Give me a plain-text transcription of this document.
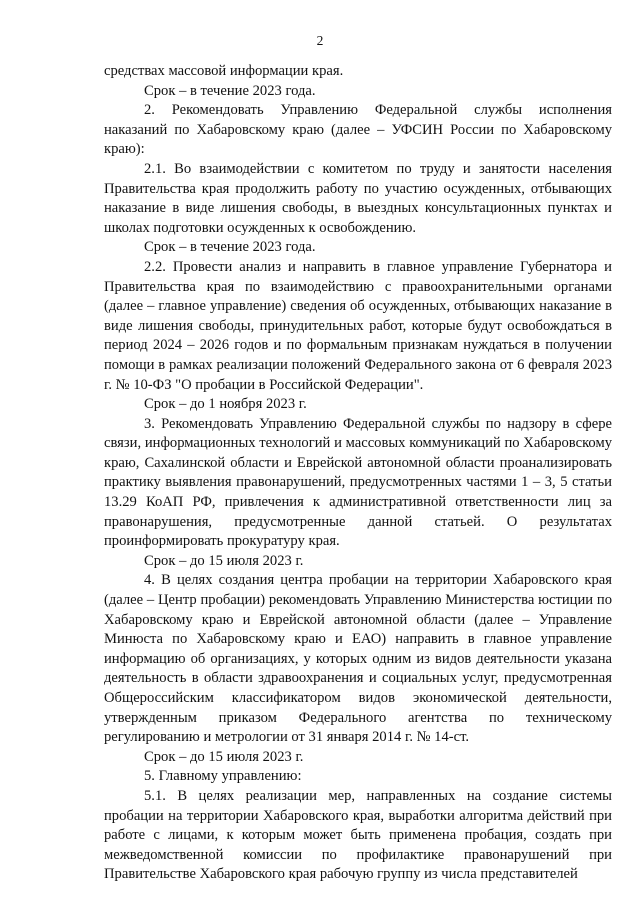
2

средствах массовой информации края.

Срок – в течение 2023 года.

2. Рекомендовать Управлению Федеральной службы исполнения наказаний по Хабаровскому краю (далее – УФСИН России по Хабаровскому краю):

2.1. Во взаимодействии с комитетом по труду и занятости населения Правительства края продолжить работу по участию осужденных, отбывающих наказание в виде лишения свободы, в выездных консультационных пунктах и школах подготовки осужденных к освобождению.

Срок – в течение 2023 года.

2.2. Провести анализ и направить в главное управление Губернатора и Правительства края по взаимодействию с правоохранительными органами (далее – главное управление) сведения об осужденных, отбывающих наказание в виде лишения свободы, принудительных работ, которые будут освобождаться в период 2024 – 2026 годов и по формальным признакам нуждаться в получении помощи в рамках реализации положений Федерального закона от 6 февраля 2023 г. № 10-ФЗ "О пробации в Российской Федерации".

Срок – до 1 ноября 2023 г.

3. Рекомендовать Управлению Федеральной службы по надзору в сфере связи, информационных технологий и массовых коммуникаций по Хабаровскому краю, Сахалинской области и Еврейской автономной области проанализировать практику выявления правонарушений, предусмотренных частями 1 – 3, 5 статьи 13.29 КоАП РФ, привлечения к административной ответственности лиц за правонарушения, предусмотренные данной статьей. О результатах проинформировать прокуратуру края.

Срок – до 15 июля 2023 г.

4. В целях создания центра пробации на территории Хабаровского края (далее – Центр пробации) рекомендовать Управлению Министерства юстиции по Хабаровскому краю и Еврейской автономной области (далее – Управление Минюста по Хабаровскому краю и ЕАО) направить в главное управление информацию об организациях, у которых одним из видов деятельности указана деятельность в области здравоохранения и социальных услуг, предусмотренная Общероссийским классификатором видов экономической деятельности, утвержденным приказом Федерального агентства по техническому регулированию и метрологии от 31 января 2014 г. № 14-ст.

Срок – до 15 июля 2023 г.

5. Главному управлению:

5.1. В целях реализации мер, направленных на создание системы пробации на территории Хабаровского края, выработки алгоритма действий при работе с лицами, к которым может быть применена пробация, создать при межведомственной комиссии по профилактике правонарушений при Правительстве Хабаровского края рабочую группу из числа представителей
